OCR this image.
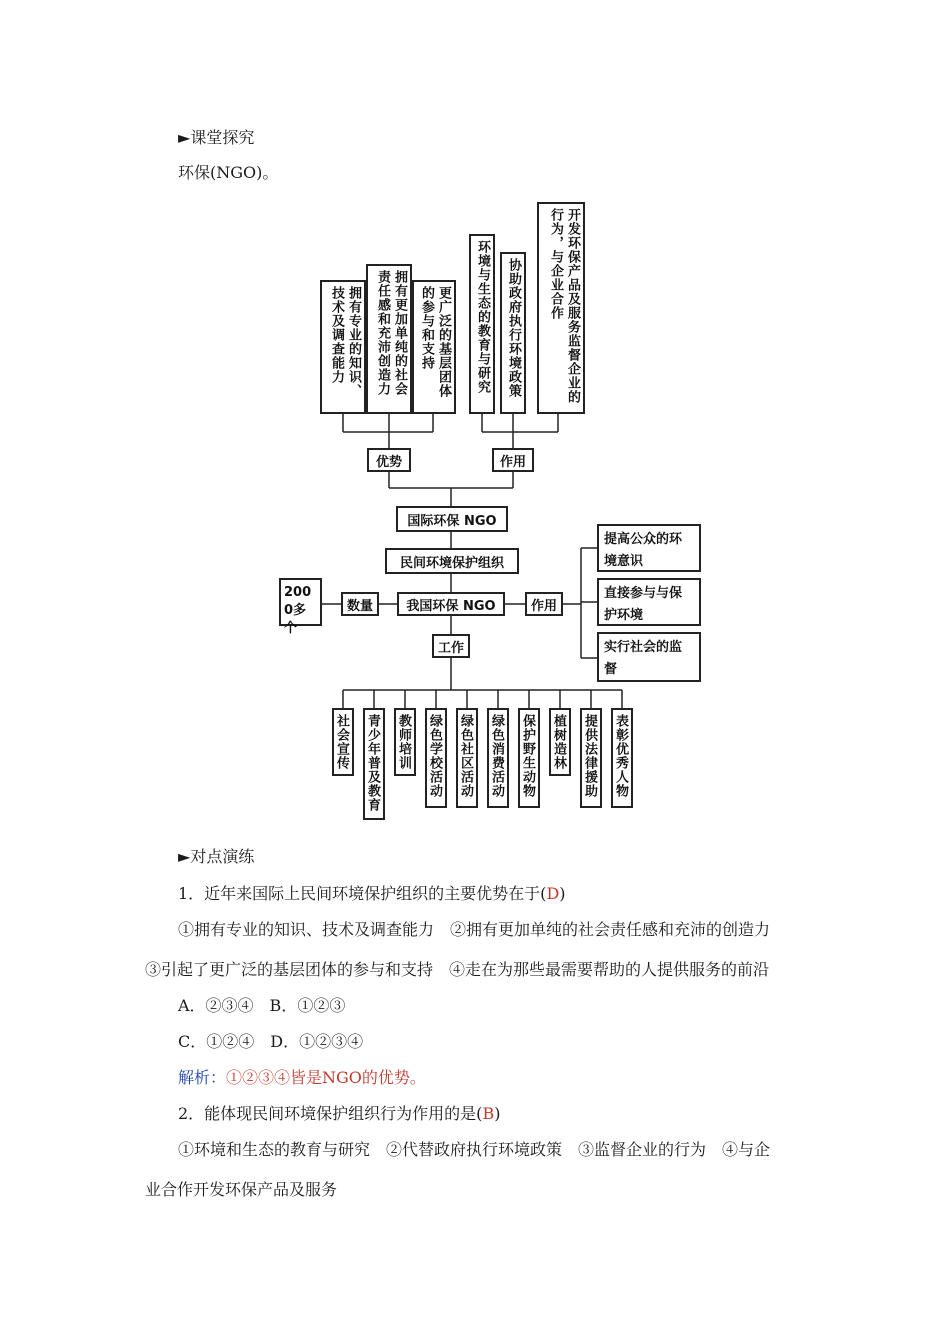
►课堂探究
环保(NGO)。
拥有专业的知识、技术及调查能力	拥有更加单纯的社会责任感和充沛创造力	更广泛的基层团体的参与和支持	环境与生态的教育与研究	协助政府执行环境政策	开发环保产品及服务监督企业的行为，与企业合作
优势	作用
国际环保 NGO
民间环境保护组织
我国环保 NGO
2000多个
数量	作用
提高公众的环境意识
直接参与与保护环境
实行社会的监督
工作
社会宣传	青少年普及教育	教师培训	绿色学校活动	绿色社区活动	绿色消费活动	保护野生动物	植树造林	提供法律援助	表彰优秀人物
►对点演练
1．近年来国际上民间环境保护组织的主要优势在于(D)
①拥有专业的知识、技术及调查能力　②拥有更加单纯的社会责任感和充沛的创造力
③引起了更广泛的基层团体的参与和支持　④走在为那些最需要帮助的人提供服务的前沿
A．②③④　B．①②③
C．①②④　D．①②③④
解析：①②③④皆是NGO的优势。
2．能体现民间环境保护组织行为作用的是(B)
①环境和生态的教育与研究　②代替政府执行环境政策　③监督企业的行为　④与企
业合作开发环保产品及服务
